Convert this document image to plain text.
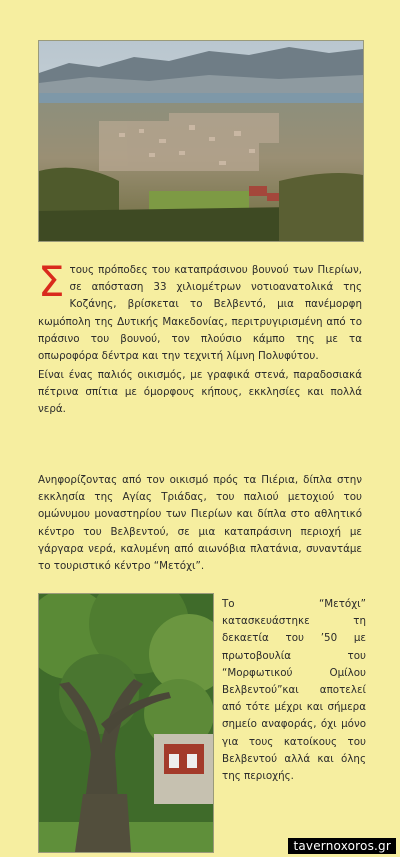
Στους πρόποδες του καταπράσινου βουνού των Πιερίων, σε απόσταση 33 χιλιομέτρων νοτιοανατολικά της Κοζάνης, βρίσκεται το Βελβεντό, μια πανέμορφη κωμόπολη της Δυτικής Μακεδονίας, περιτρυγιρισμένη από το πράσινο του βουνού, τον πλούσιο κάμπο της με τα οπωροφόρα δέντρα και την τεχνιτή λίμνη Πολυφύτου.

Είναι ένας παλιός οικισμός, με γραφικά στενά, παραδοσιακά πέτρινα σπίτια με όμορφους κήπους, εκκλησίες και πολλά νερά.

Ανηφορίζοντας από τον οικισμό πρός τα Πιέρια, δίπλα στην εκκλησία της Αγίας Τριάδας, του παλιού μετοχιού του ομώνυμου μοναστηρίου των Πιερίων και δίπλα στο αθλητικό κέντρο του Βελβεντού, σε μια καταπράσινη περιοχή με γάργαρα νερά, καλυμένη από αιωνόβια πλατάνια, συναντάμε το τουριστικό κέντρο “Μετόχι”.

Το “Μετόχι” κατασκευάστηκε τη δεκαετία του ’50 με πρωτοβουλία του “Μορφωτικού Ομίλου Βελβεντού”και αποτελεί από τότε μέχρι και σήμερα σημείο αναφοράς, όχι μόνο για τους κατοίκους του Βελβεντού αλλά και όλης της περιοχής.

tavernoxoros.gr
